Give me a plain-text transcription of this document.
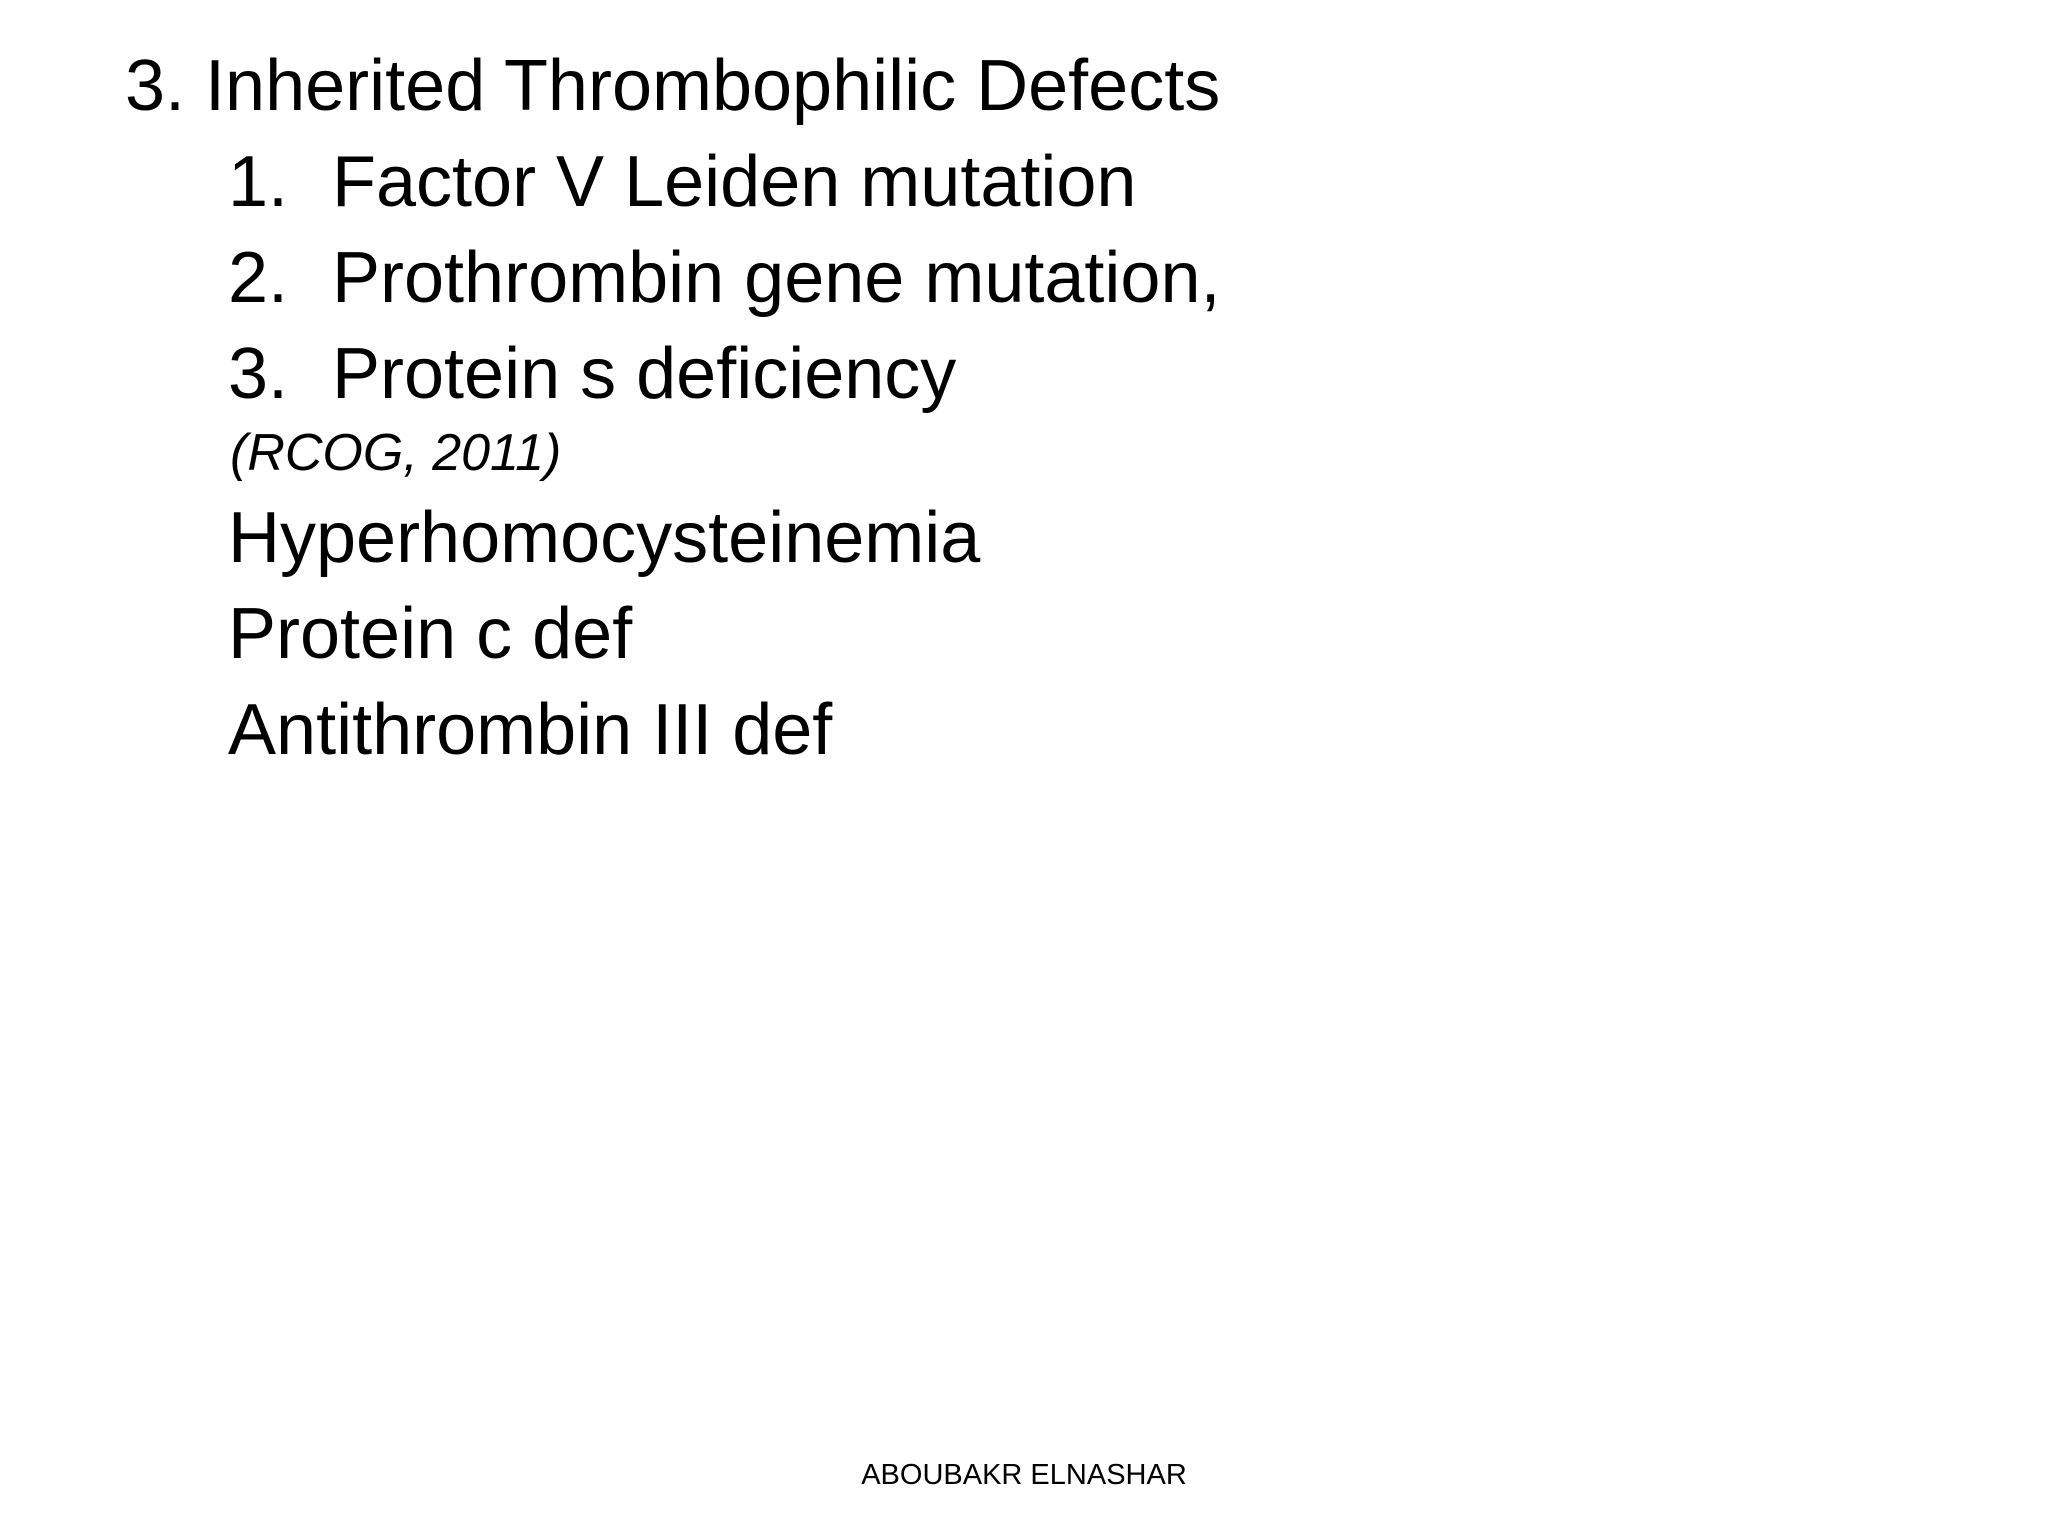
3. Inherited Thrombophilic Defects
1. Factor V Leiden mutation
2. Prothrombin gene mutation,
3. Protein s deficiency
(RCOG, 2011)
Hyperhomocysteinemia
Protein c def
Antithrombin III def
ABOUBAKR ELNASHAR
